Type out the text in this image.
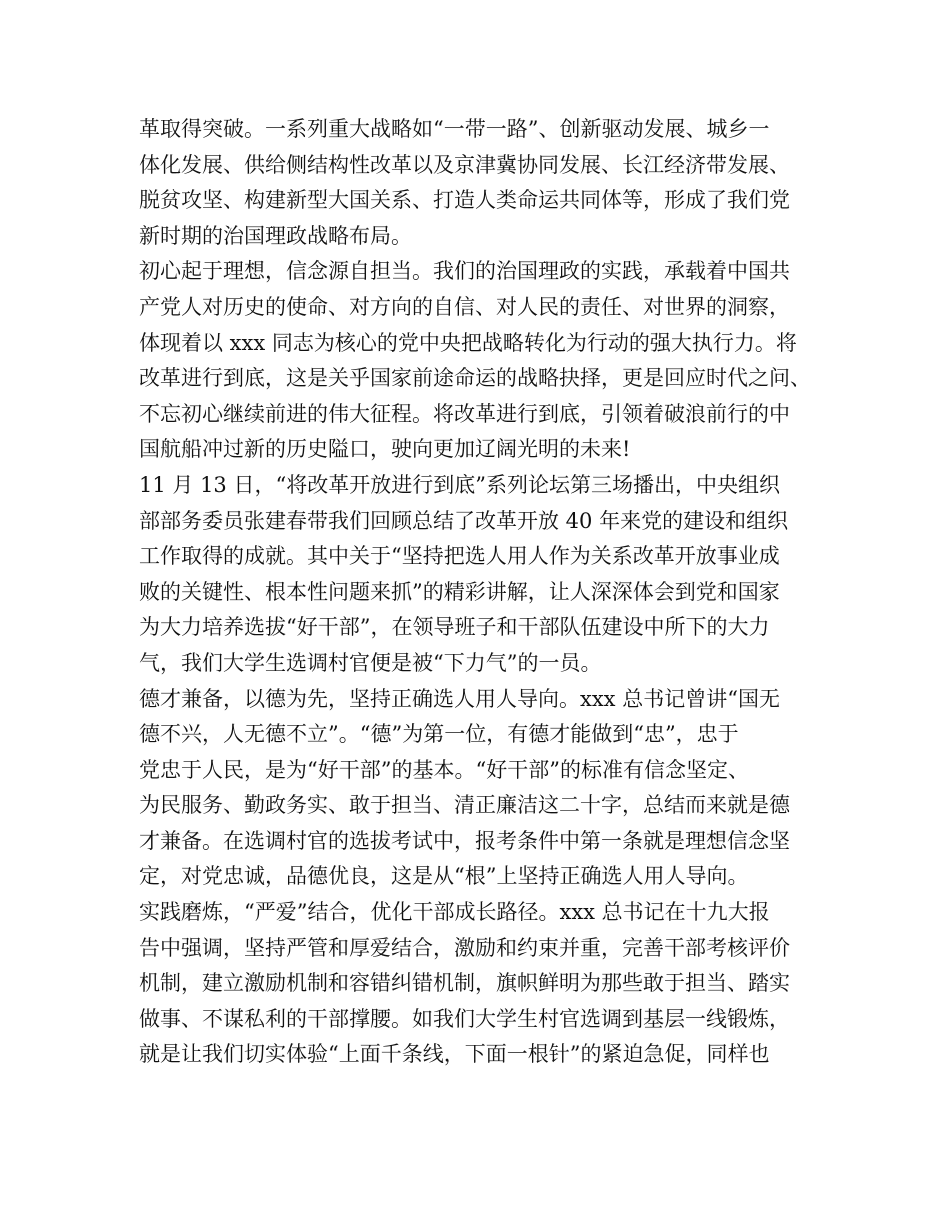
革取得突破。一系列重大战略如“一带一路”、创新驱动发展、城乡一
体化发展、供给侧结构性改革以及京津冀协同发展、长江经济带发展、
脱贫攻坚、构建新型大国关系、打造人类命运共同体等，形成了我们党
新时期的治国理政战略布局。
初心起于理想，信念源自担当。我们的治国理政的实践，承载着中国共
产党人对历史的使命、对方向的自信、对人民的责任、对世界的洞察，
体现着以 xxx 同志为核心的党中央把战略转化为行动的强大执行力。将
改革进行到底，这是关乎国家前途命运的战略抉择，更是回应时代之问、
不忘初心继续前进的伟大征程。将改革进行到底，引领着破浪前行的中
国航船冲过新的历史隘口，驶向更加辽阔光明的未来!
11 月 13 日，“将改革开放进行到底”系列论坛第三场播出，中央组织
部部务委员张建春带我们回顾总结了改革开放 40 年来党的建设和组织
工作取得的成就。其中关于“坚持把选人用人作为关系改革开放事业成
败的关键性、根本性问题来抓”的精彩讲解，让人深深体会到党和国家
为大力培养选拔“好干部”，在领导班子和干部队伍建设中所下的大力
气，我们大学生选调村官便是被“下力气”的一员。
德才兼备，以德为先，坚持正确选人用人导向。xxx 总书记曾讲“国无
德不兴，人无德不立”。“德”为第一位，有德才能做到“忠”，忠于
党忠于人民，是为“好干部”的基本。“好干部”的标准有信念坚定、
为民服务、勤政务实、敢于担当、清正廉洁这二十字，总结而来就是德
才兼备。在选调村官的选拔考试中，报考条件中第一条就是理想信念坚
定，对党忠诚，品德优良，这是从“根”上坚持正确选人用人导向。
实践磨炼，“严爱”结合，优化干部成长路径。xxx 总书记在十九大报
告中强调，坚持严管和厚爱结合，激励和约束并重，完善干部考核评价
机制，建立激励机制和容错纠错机制，旗帜鲜明为那些敢于担当、踏实
做事、不谋私利的干部撑腰。如我们大学生村官选调到基层一线锻炼，
就是让我们切实体验“上面千条线，下面一根针”的紧迫急促，同样也
